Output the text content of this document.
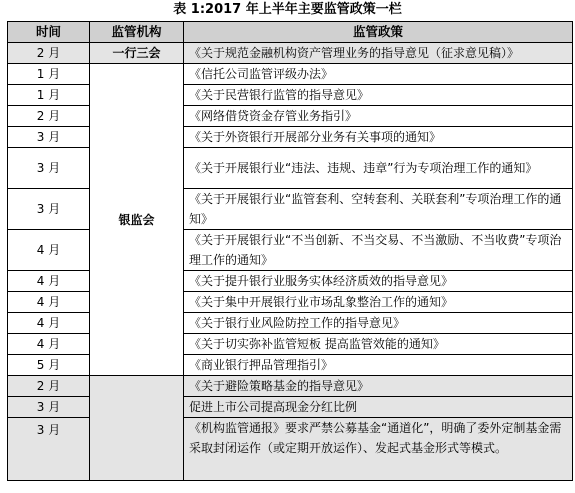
表 1:2017 年上半年主要监管政策一栏
时间	监管机构	监管政策
2 月	一行三会	《关于规范金融机构资产管理业务的指导意见（征求意见稿）》
1 月	银监会	《信托公司监管评级办法》
1 月		《关于民营银行监管的指导意见》
2 月		《网络借贷资金存管业务指引》
3 月		《关于外资银行开展部分业务有关事项的通知》
3 月		《关于开展银行业“违法、违规、违章”行为专项治理工作的通知》
3 月		《关于开展银行业“监管套利、空转套利、关联套利”专项治理工作的通知》
4 月		《关于开展银行业“不当创新、不当交易、不当激励、不当收费”专项治理工作的通知》
4 月		《关于提升银行业服务实体经济质效的指导意见》
4 月		《关于集中开展银行业市场乱象整治工作的通知》
4 月		《关于银行业风险防控工作的指导意见》
4 月		《关于切实弥补监管短板 提高监管效能的通知》
5 月		《商业银行押品管理指引》
2 月		《关于避险策略基金的指导意见》
3 月		促进上市公司提高现金分红比例
3 月		《机构监管通报》要求严禁公募基金“通道化”，明确了委外定制基金需采取封闭运作（或定期开放运作）、发起式基金形式等模式。
